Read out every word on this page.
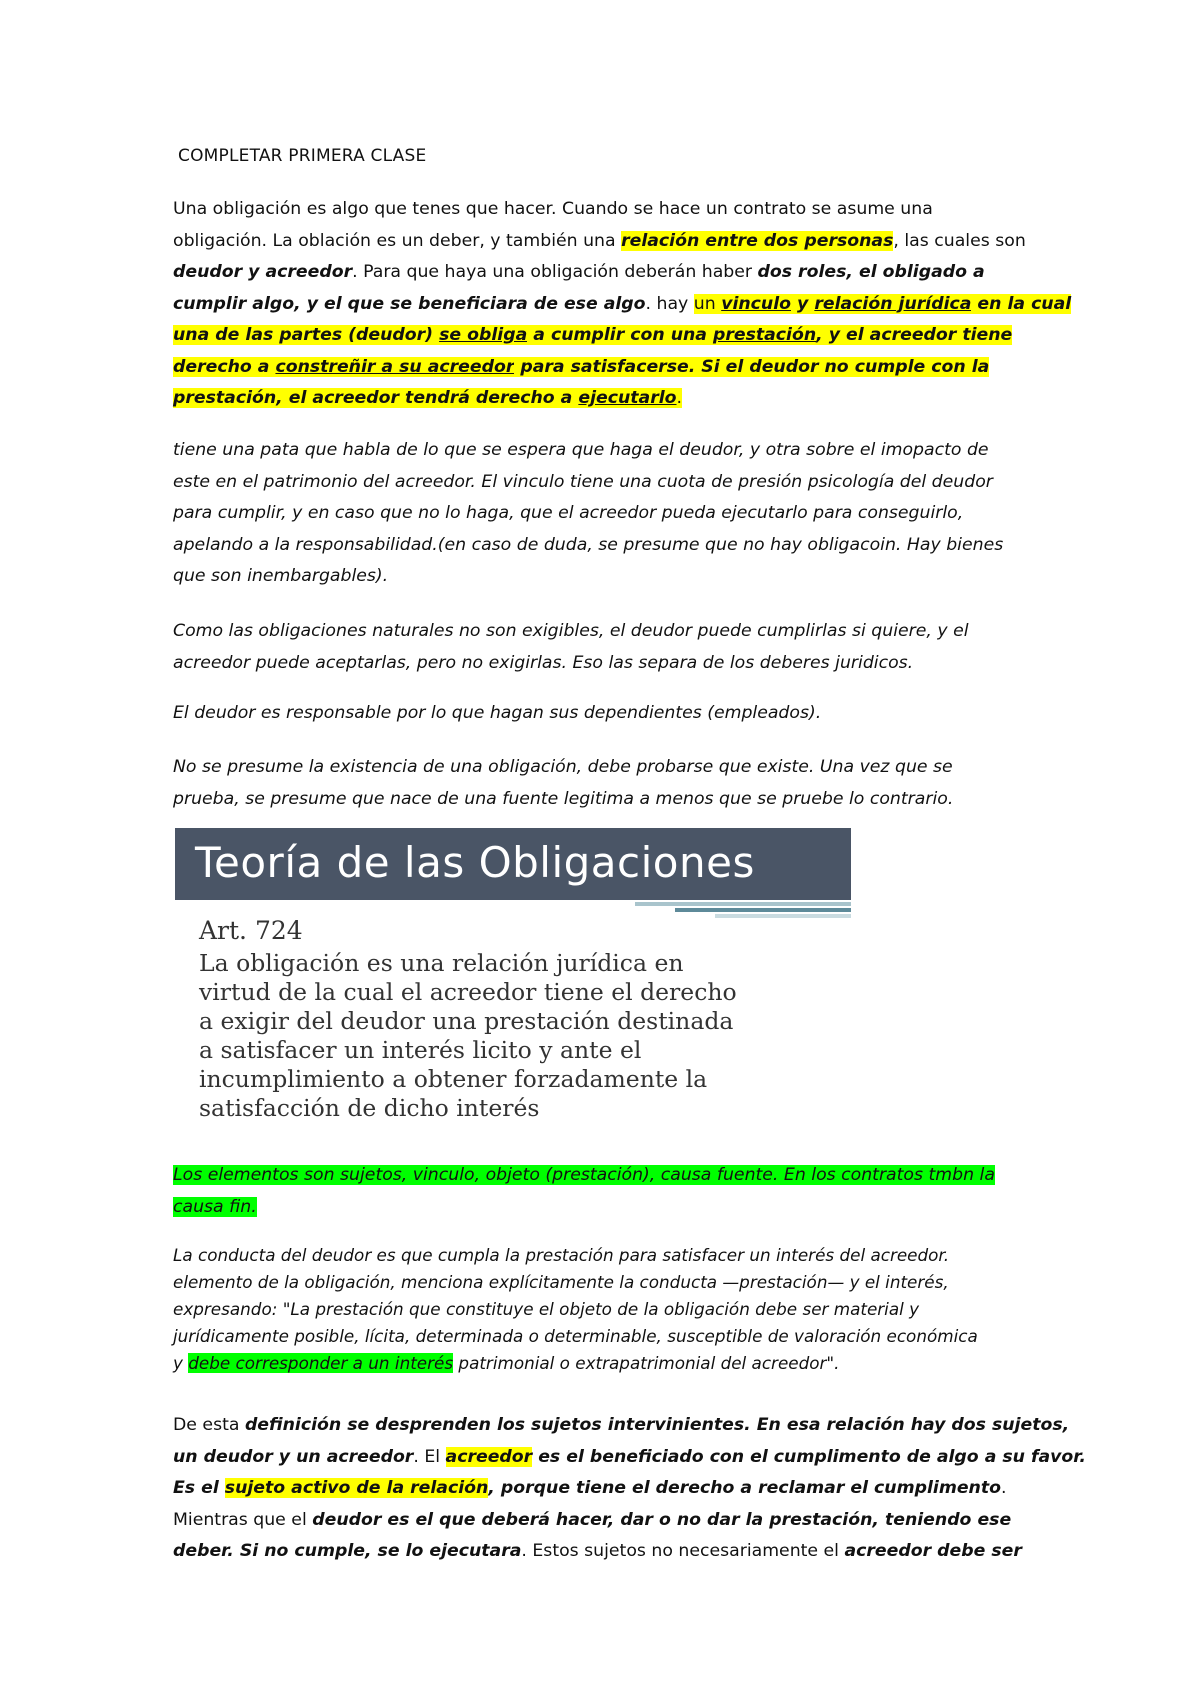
COMPLETAR PRIMERA CLASE
Una obligación es algo que tenes que hacer. Cuando se hace un contrato se asume una
obligación. La oblación es un deber, y también una relación entre dos personas, las cuales son
deudor y acreedor. Para que haya una obligación deberán haber dos roles, el obligado a
cumplir algo, y el que se beneficiara de ese algo. hay un vinculo y relación jurídica en la cual
una de las partes (deudor) se obliga a cumplir con una prestación, y el acreedor tiene
derecho a constreñir a su acreedor para satisfacerse. Si el deudor no cumple con la
prestación, el acreedor tendrá derecho a ejecutarlo.
tiene una pata que habla de lo que se espera que haga el deudor, y otra sobre el imopacto de
este en el patrimonio del acreedor. El vinculo tiene una cuota de presión psicología del deudor
para cumplir, y en caso que no lo haga, que el acreedor pueda ejecutarlo para conseguirlo,
apelando a la responsabilidad.(en caso de duda, se presume que no hay obligacoin. Hay bienes
que son inembargables).
Como las obligaciones naturales no son exigibles, el deudor puede cumplirlas si quiere, y el
acreedor puede aceptarlas, pero no exigirlas. Eso las separa de los deberes juridicos.
El deudor es responsable por lo que hagan sus dependientes (empleados).
No se presume la existencia de una obligación, debe probarse que existe. Una vez que se
prueba, se presume que nace de una fuente legitima a menos que se pruebe lo contrario.
Teoría de las Obligaciones

Art. 724

La obligación es una relación jurídica en
virtud de la cual el acreedor tiene el derecho
a exigir del deudor una prestación destinada
a satisfacer un interés licito y ante el
incumplimiento a obtener forzadamente la
satisfacción de dicho interés

Los elementos son sujetos, vinculo, objeto (prestación), causa fuente. En los contratos tmbn la
causa fin.
La conducta del deudor es que cumpla la prestación para satisfacer un interés del acreedor.
elemento de la obligación, menciona explícitamente la conducta —prestación— y el interés,
expresando: "La prestación que constituye el objeto de la obligación debe ser material y
jurídicamente posible, lícita, determinada o determinable, susceptible de valoración económica
y debe corresponder a un interés patrimonial o extrapatrimonial del acreedor".
De esta definición se desprenden los sujetos intervinientes. En esa relación hay dos sujetos,
un deudor y un acreedor. El acreedor es el beneficiado con el cumplimento de algo a su favor.
Es el sujeto activo de la relación, porque tiene el derecho a reclamar el cumplimento.
Mientras que el deudor es el que deberá hacer, dar o no dar la prestación, teniendo ese
deber. Si no cumple, se lo ejecutara. Estos sujetos no necesariamente el acreedor debe ser
